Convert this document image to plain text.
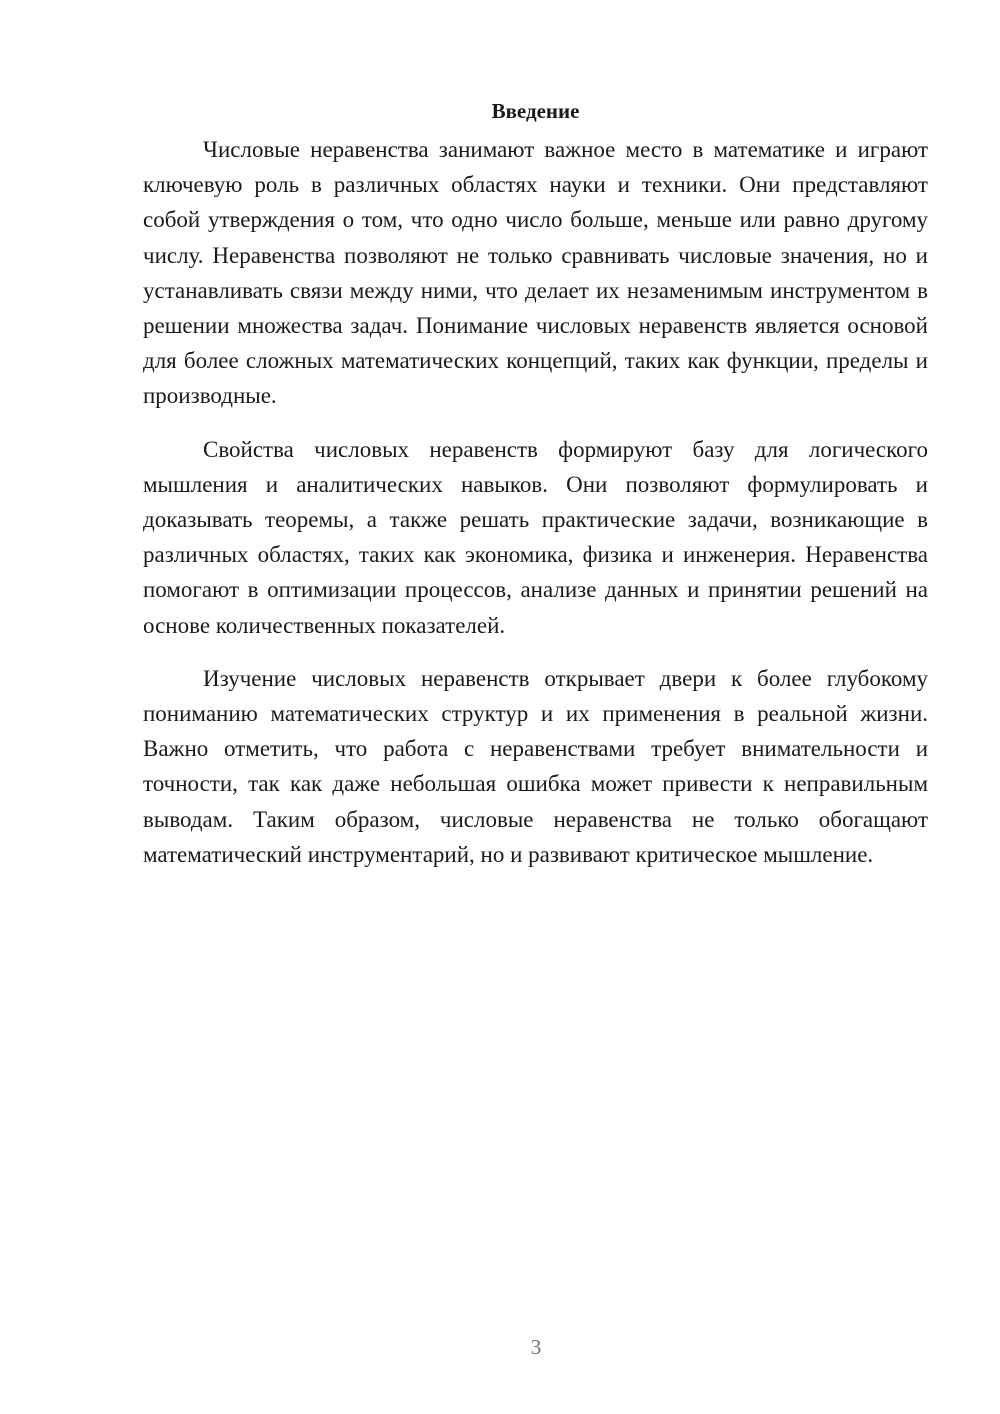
Введение

Числовые неравенства занимают важное место в математике и играют ключевую роль в различных областях науки и техники. Они представляют собой утверждения о том, что одно число больше, меньше или равно другому числу. Неравенства позволяют не только сравнивать числовые значения, но и устанавливать связи между ними, что делает их незаменимым инструментом в решении множества задач. Понимание числовых неравенств является основой для более сложных математических концепций, таких как функции, пределы и производные.

Свойства числовых неравенств формируют базу для логического мышления и аналитических навыков. Они позволяют формулировать и доказывать теоремы, а также решать практические задачи, возникающие в различных областях, таких как экономика, физика и инженерия. Неравенства помогают в оптимизации процессов, анализе данных и принятии решений на основе количественных показателей.

Изучение числовых неравенств открывает двери к более глубокому пониманию математических структур и их применения в реальной жизни. Важно отметить, что работа с неравенствами требует внимательности и точности, так как даже небольшая ошибка может привести к неправильным выводам. Таким образом, числовые неравенства не только обогащают математический инструментарий, но и развивают критическое мышление.

3
